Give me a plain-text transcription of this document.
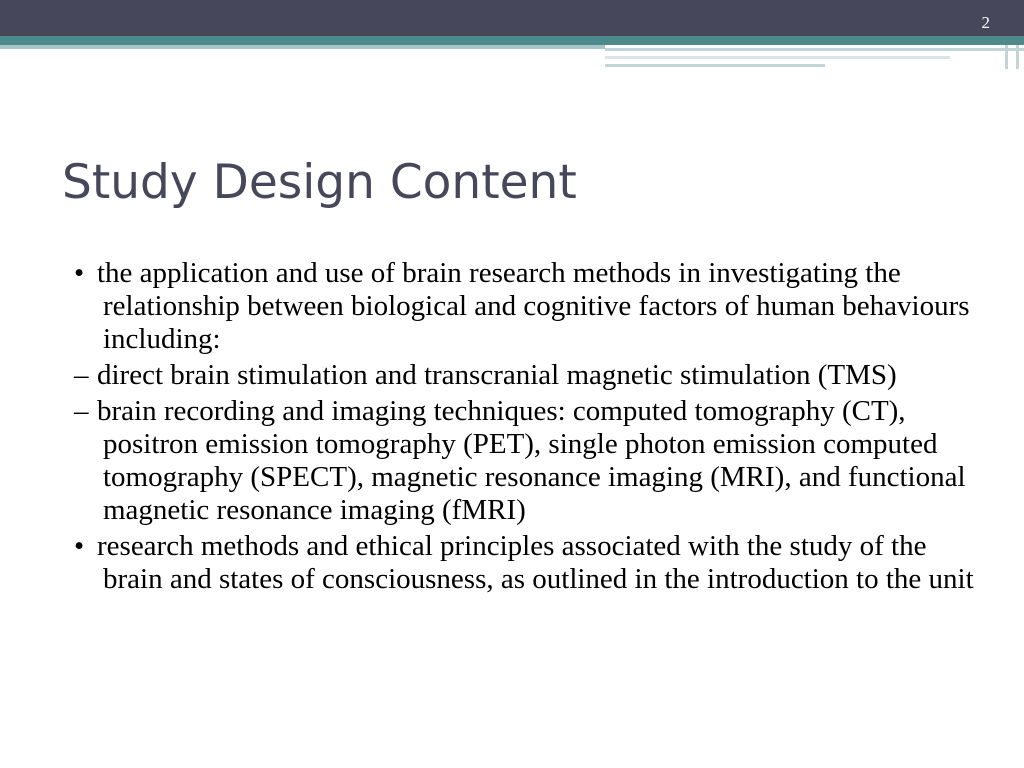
2
Study Design Content
• the application and use of brain research methods in investigating the relationship between biological and cognitive factors of human behaviours including:
– direct brain stimulation and transcranial magnetic stimulation (TMS)
– brain recording and imaging techniques: computed tomography (CT), positron emission tomography (PET), single photon emission computed tomography (SPECT), magnetic resonance imaging (MRI), and functional magnetic resonance imaging (fMRI)
• research methods and ethical principles associated with the study of the brain and states of consciousness, as outlined in the introduction to the unit
